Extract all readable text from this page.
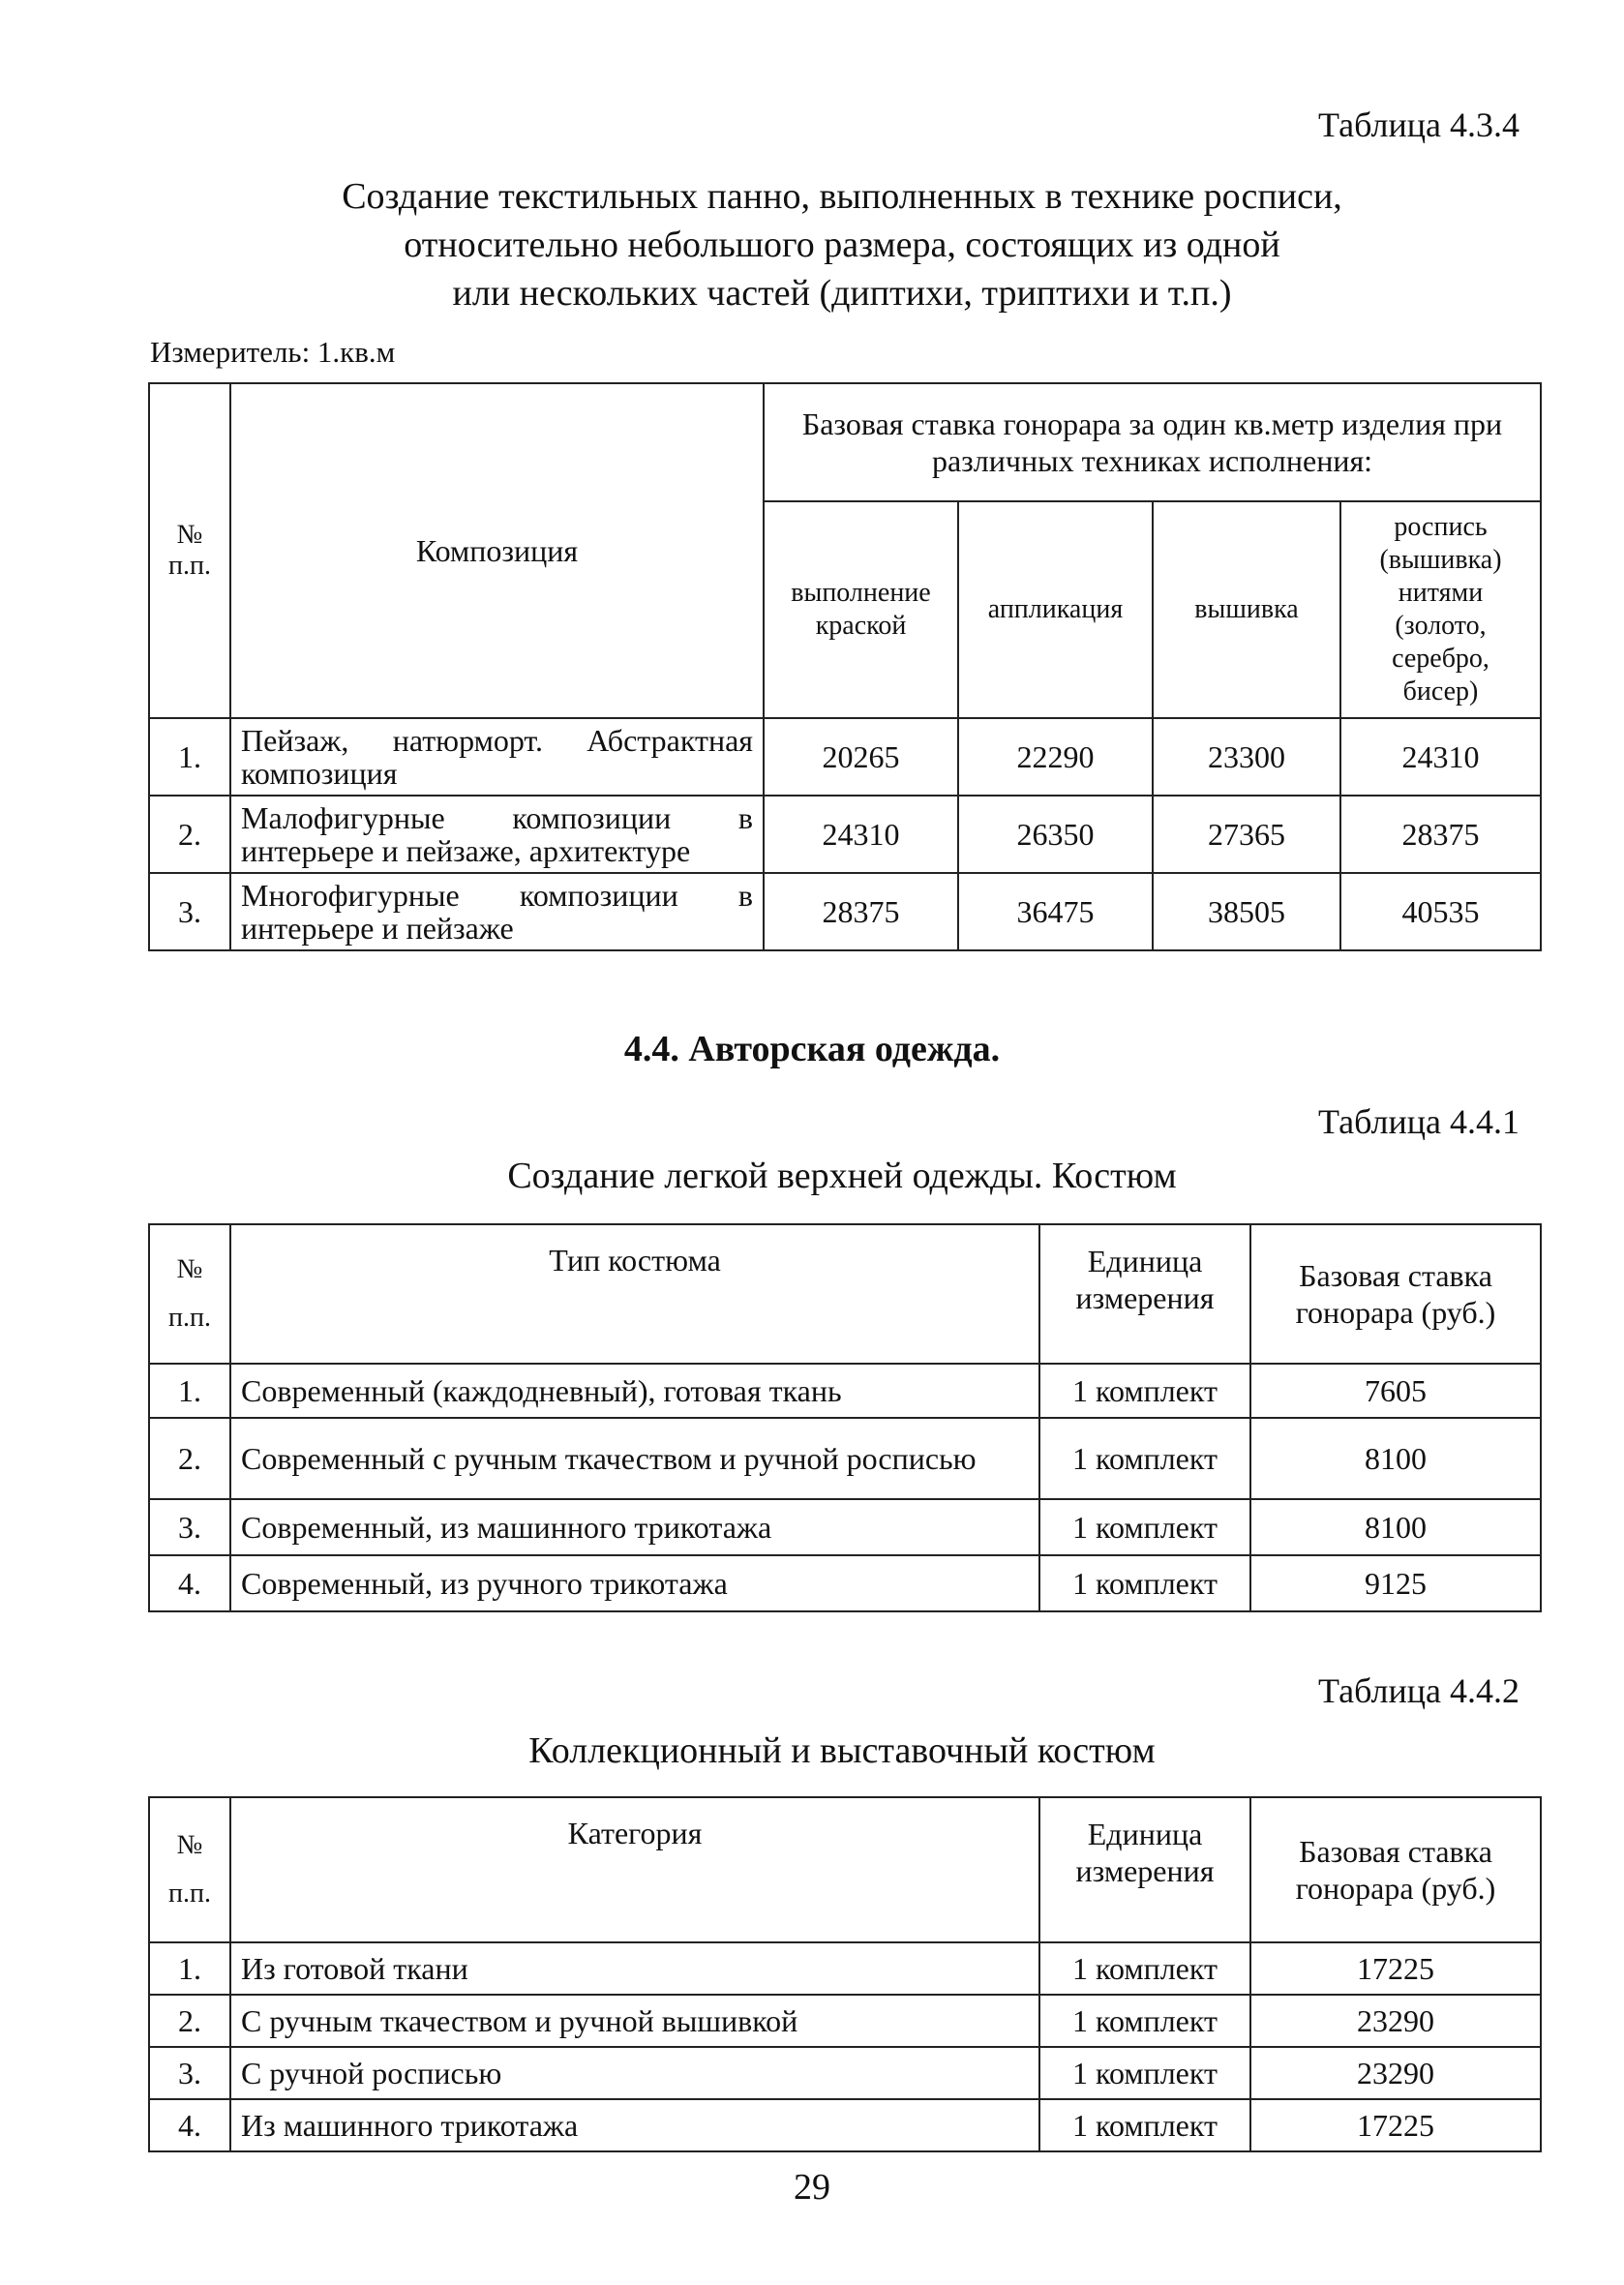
Таблица 4.3.4
Создание текстильных панно, выполненных в технике росписи,
относительно небольшого размера, состоящих из одной
или нескольких частей (диптихи, триптихи и т.п.)
Измеритель: 1.кв.м
№ п.п.	Композиция	Базовая ставка гонорара за один кв.метр изделия при различных техниках исполнения:			
		выполнение краской	аппликация	вышивка	роспись (вышивка) нитями (золото, серебро, бисер)
1.	Пейзаж, натюрморт. Абстрактная композиция	20265	22290	23300	24310
2.	Малофигурные композиции в интерьере и пейзаже, архитектуре	24310	26350	27365	28375
3.	Многофигурные композиции в интерьере и пейзаже	28375	36475	38505	40535
4.4. Авторская одежда.
Таблица 4.4.1
Создание легкой верхней одежды. Костюм
№ п.п.	Тип костюма	Единица измерения	Базовая ставка гонорара (руб.)
1.	Современный (каждодневный), готовая ткань	1 комплект	7605
2.	Современный с ручным ткачеством и ручной росписью	1 комплект	8100
3.	Современный, из машинного трикотажа	1 комплект	8100
4.	Современный, из ручного трикотажа	1 комплект	9125
Таблица 4.4.2
Коллекционный и выставочный костюм
№ п.п.	Категория	Единица измерения	Базовая ставка гонорара (руб.)
1.	Из готовой ткани	1 комплект	17225
2.	С ручным ткачеством и ручной вышивкой	1 комплект	23290
3.	С ручной росписью	1 комплект	23290
4.	Из машинного трикотажа	1 комплект	17225
29
